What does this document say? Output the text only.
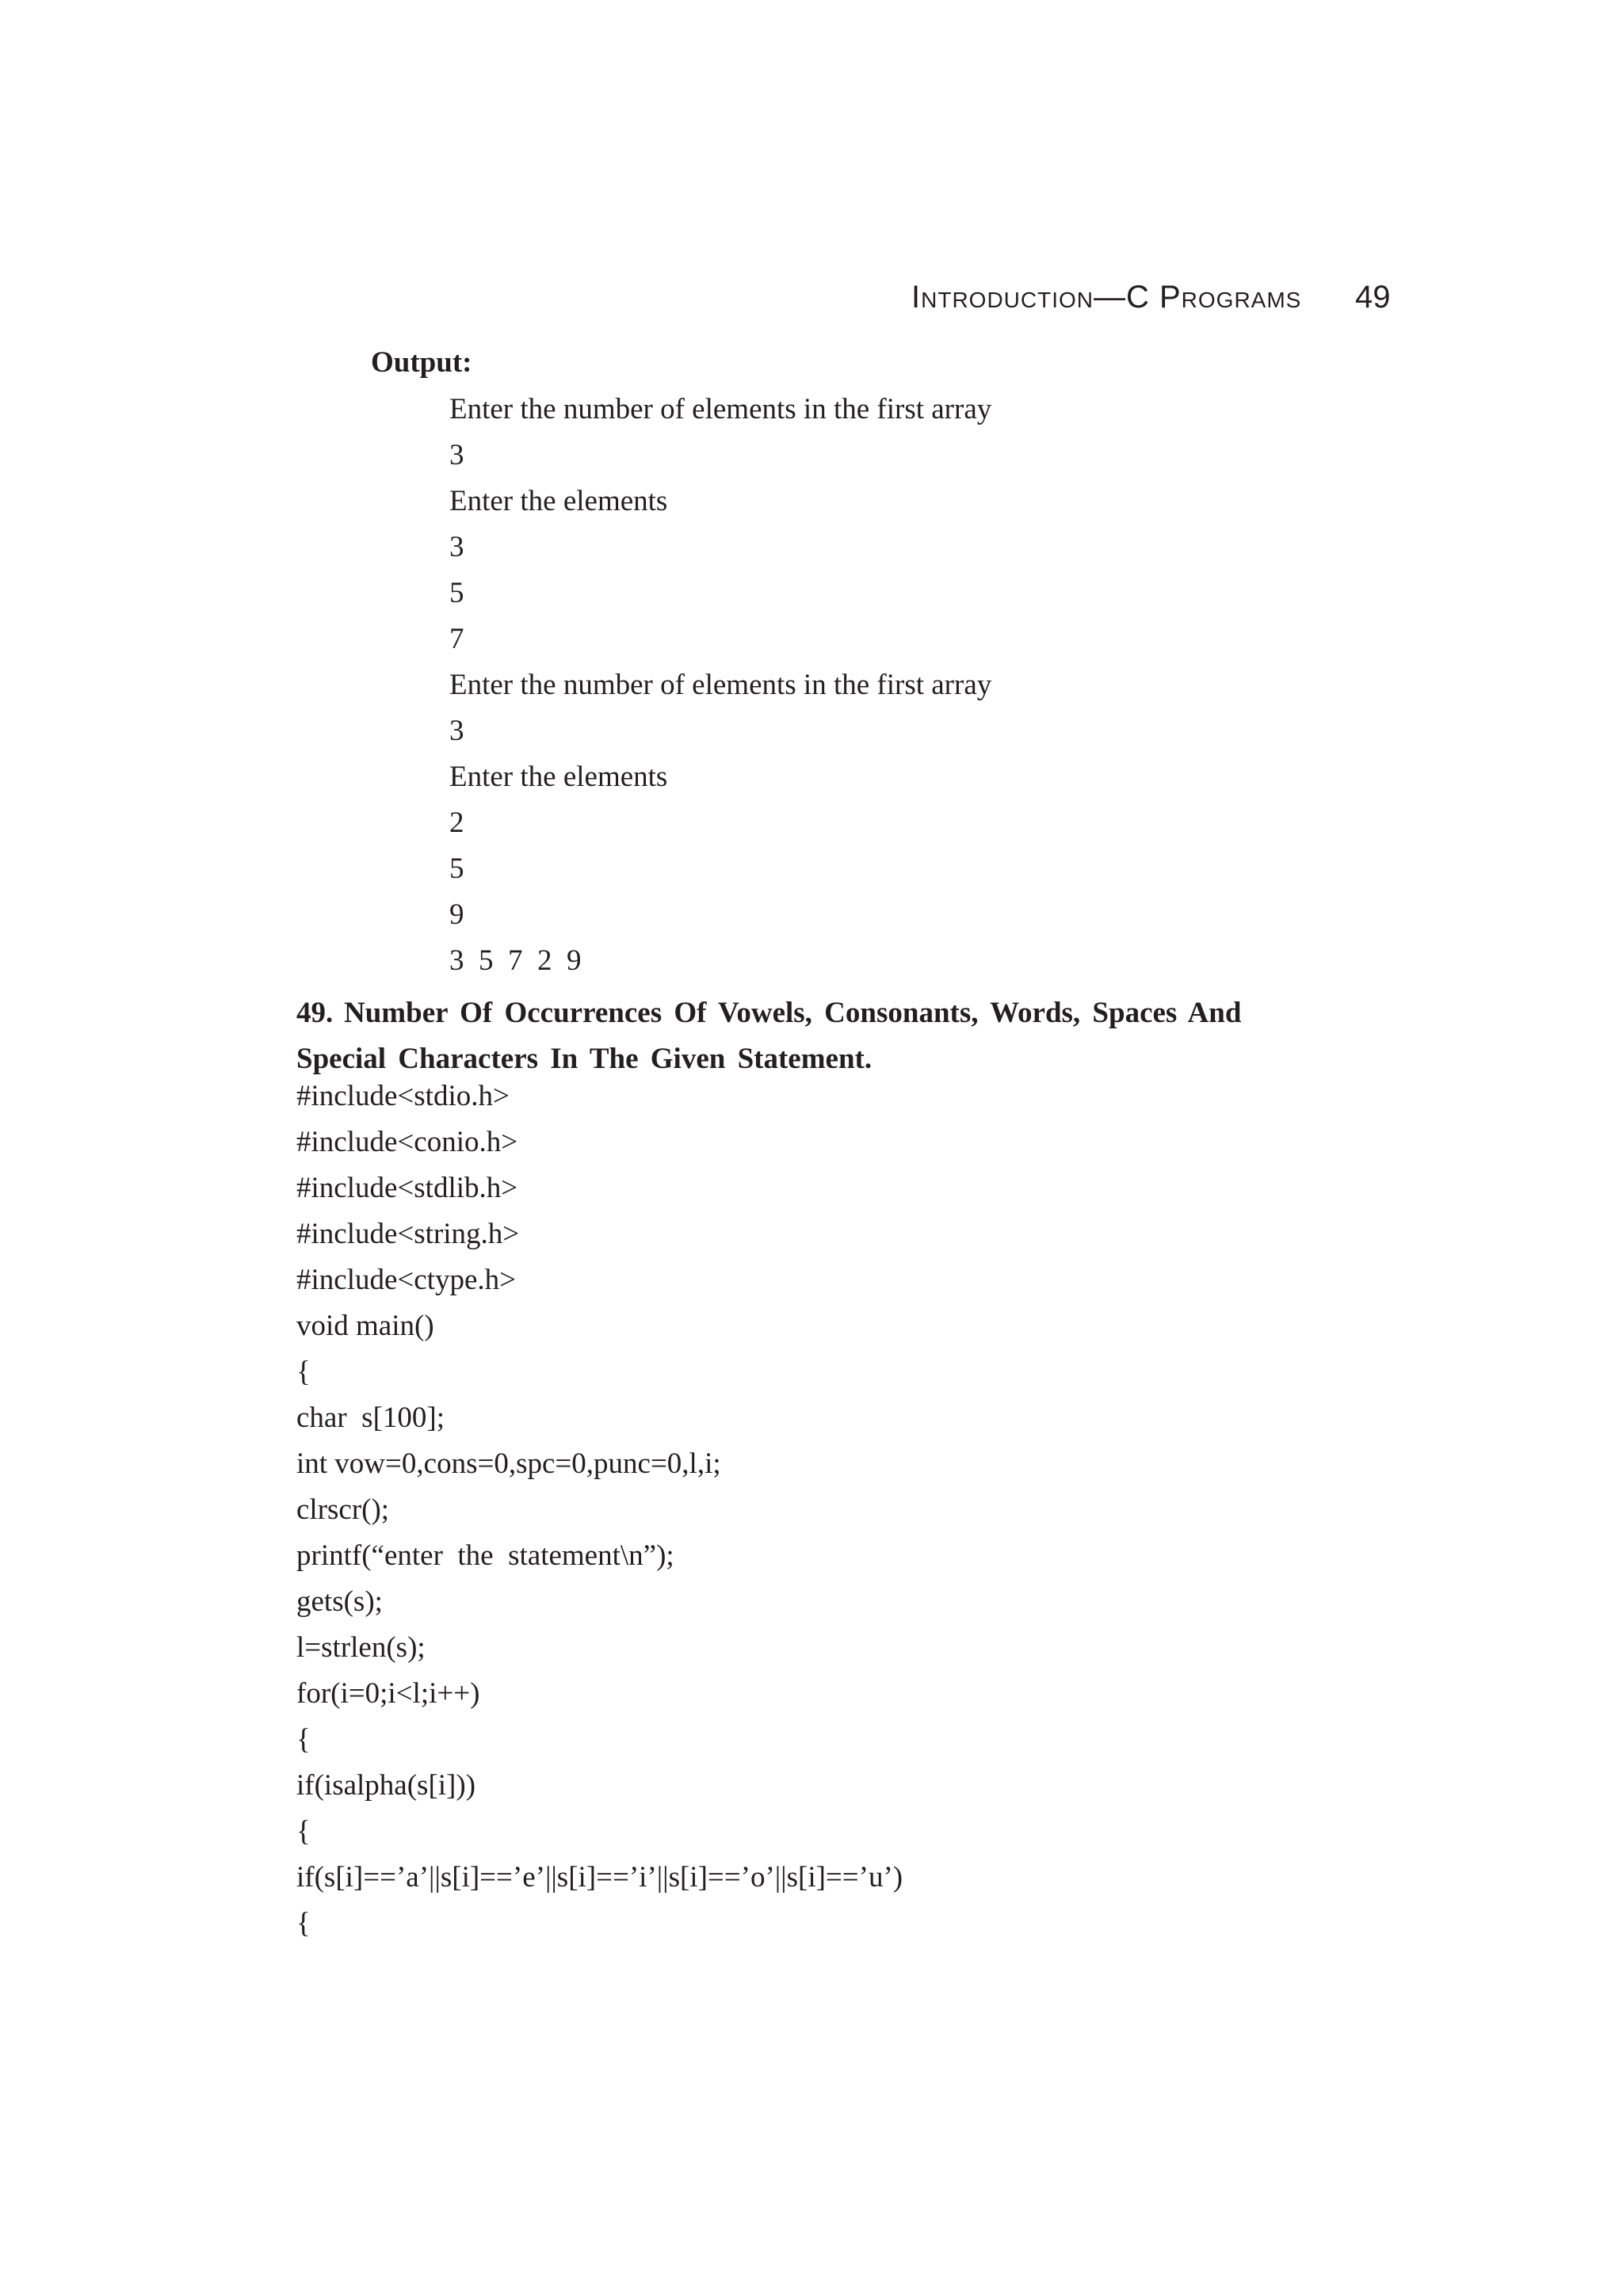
Introduction—C Programs 49
Output:
Enter the number of elements in the first array
3
Enter the elements
3
5
7
Enter the number of elements in the first array
3
Enter the elements
2
5
9
3  5  7  2  9
49. Number Of Occurrences Of Vowels, Consonants, Words, Spaces And Special Characters In The Given Statement.
#include<stdio.h>
#include<conio.h>
#include<stdlib.h>
#include<string.h>
#include<ctype.h>
void main()
{
char  s[100];
int vow=0,cons=0,spc=0,punc=0,l,i;
clrscr();
printf(“enter  the  statement\n”);
gets(s);
l=strlen(s);
for(i=0;i<l;i++)
{
if(isalpha(s[i]))
{
if(s[i]==’a’||s[i]==’e’||s[i]==’i’||s[i]==’o’||s[i]==’u’)
{
